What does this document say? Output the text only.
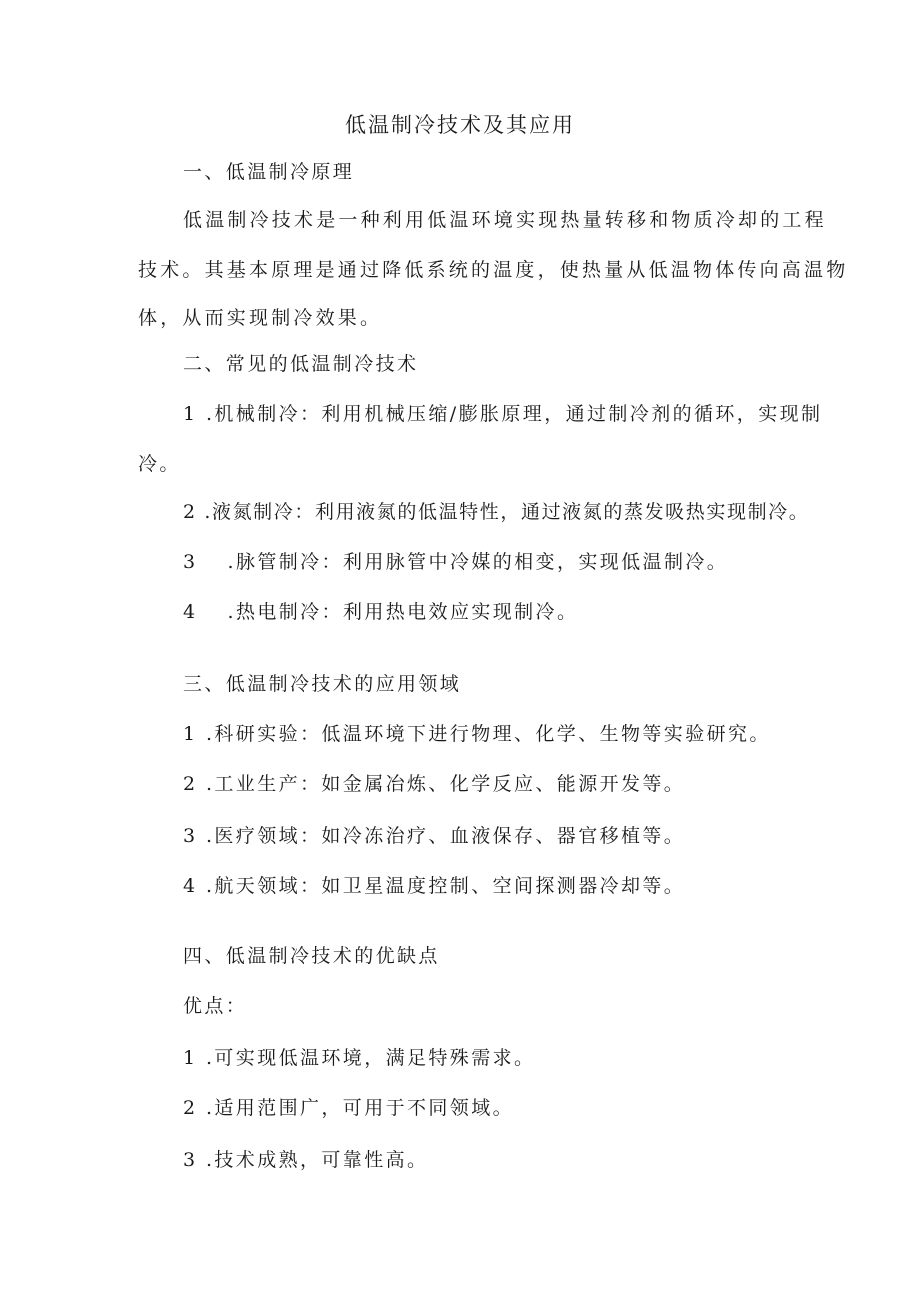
低温制冷技术及其应用
一、低温制冷原理
低温制冷技术是一种利用低温环境实现热量转移和物质冷却的工程
技术。其基本原理是通过降低系统的温度，使热量从低温物体传向高温物
体，从而实现制冷效果。
二、常见的低温制冷技术
1 .机械制冷：利用机械压缩/膨胀原理，通过制冷剂的循环，实现制
冷。
2 .液氮制冷：利用液氮的低温特性，通过液氮的蒸发吸热实现制冷。
3 .脉管制冷：利用脉管中冷媒的相变，实现低温制冷。
4 .热电制冷：利用热电效应实现制冷。
三、低温制冷技术的应用领域
1 .科研实验：低温环境下进行物理、化学、生物等实验研究。
2 .工业生产：如金属冶炼、化学反应、能源开发等。
3 .医疗领域：如冷冻治疗、血液保存、器官移植等。
4 .航天领域：如卫星温度控制、空间探测器冷却等。
四、低温制冷技术的优缺点
优点：
1 .可实现低温环境，满足特殊需求。
2 .适用范围广，可用于不同领域。
3 .技术成熟，可靠性高。
